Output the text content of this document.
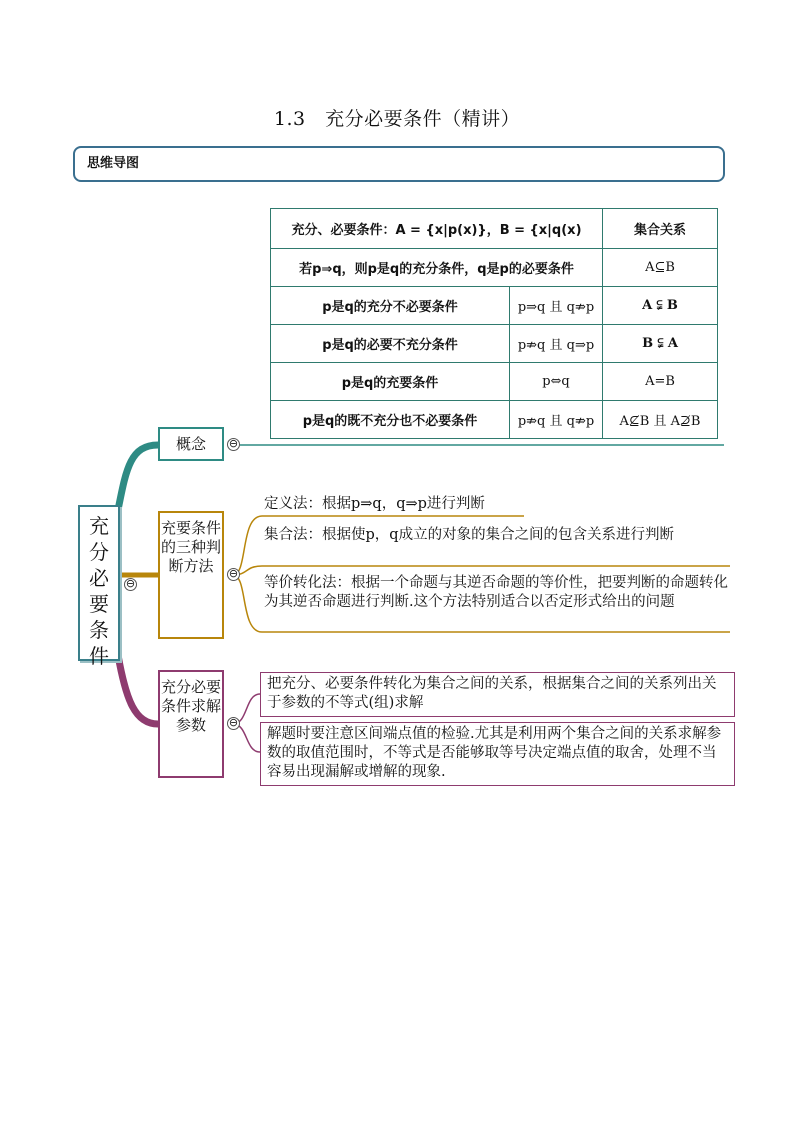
1.3　充分必要条件（精讲）
思维导图
充分、必要条件：A = {x|p(x)}，B = {x|q(x)		集合关系
若p⇒q，则p是q的充分条件，q是p的必要条件		A⊆B
p是q的充分不必要条件	p⇒q 且 q⇏p	A ⫋ B
p是q的必要不充分条件	p⇏q 且 q⇒p	B ⫋ A
p是q的充要条件	p⇔q	A=B
p是q的既不充分也不必要条件	p⇏q 且 q⇏p	A⊈B 且 A⊉B
充分必要条件
⊖
概念	⊖
充要条件的三种判断方法	⊖
充分必要条件求解参数	⊖
定义法：根据p⇒q，q⇒p进行判断
集合法：根据使p，q成立的对象的集合之间的包含关系进行判断
等价转化法：根据一个命题与其逆否命题的等价性，把要判断的命题转化为其逆否命题进行判断.这个方法特别适合以否定形式给出的问题
把充分、必要条件转化为集合之间的关系，根据集合之间的关系列出关于参数的不等式(组)求解
解题时要注意区间端点值的检验.尤其是利用两个集合之间的关系求解参数的取值范围时，不等式是否能够取等号决定端点值的取舍，处理不当容易出现漏解或增解的现象.
